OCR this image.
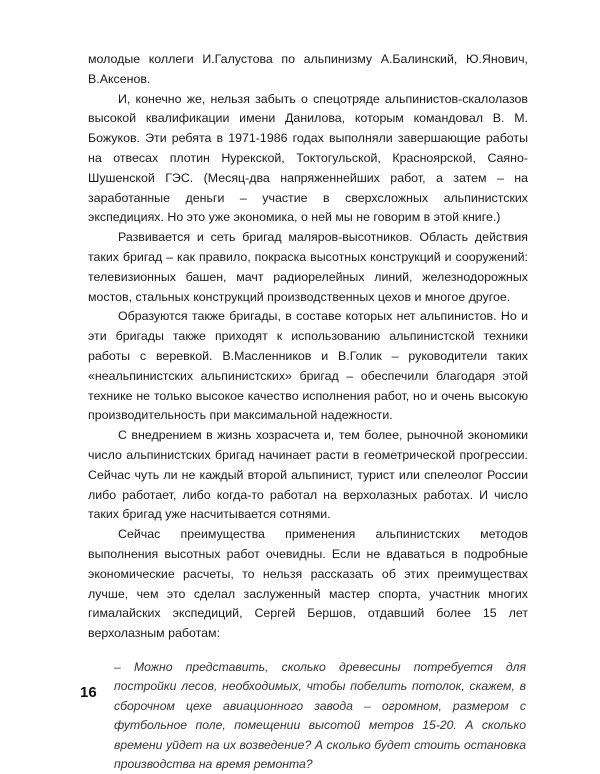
молодые коллеги И.Галустова по альпинизму А.Балинский, Ю.Янович, В.Аксенов.

И, конечно же, нельзя забыть о спецотряде альпинистов-скалолазов высокой квалификации имени Данилова, которым командовал В. М. Божуков. Эти ребята в 1971-1986 годах выполняли завершающие работы на отвесах плотин Нурекской, Токтогульской, Красноярской, Саяно-Шушенской ГЭС. (Месяц-два напряженнейших работ, а затем – на заработанные деньги – участие в сверхсложных альпинистских экспедициях. Но это уже экономика, о ней мы не говорим в этой книге.)

Развивается и сеть бригад маляров-высотников. Область действия таких бригад – как правило, покраска высотных конструкций и сооружений: телевизионных башен, мачт радиорелейных линий, железнодорожных мостов, стальных конструкций производственных цехов и многое другое.

Образуются также бригады, в составе которых нет альпинистов. Но и эти бригады также приходят к использованию альпинистской техники работы с веревкой. В.Масленников и В.Голик – руководители таких «неальпинистских альпинистских» бригад – обеспечили благодаря этой технике не только высокое качество исполнения работ, но и очень высокую производительность при максимальной надежности.

С внедрением в жизнь хозрасчета и, тем более, рыночной экономики число альпинистских бригад начинает расти в геометрической прогрессии. Сейчас чуть ли не каждый второй альпинист, турист или спелеолог России либо работает, либо когда-то работал на верхолазных работах. И число таких бригад уже насчитывается сотнями.

Сейчас преимущества применения альпинистских методов выполнения высотных работ очевидны. Если не вдаваться в подробные экономические расчеты, то нельзя рассказать об этих преимуществах лучше, чем это сделал заслуженный мастер спорта, участник многих гималайских экспедиций, Сергей Бершов, отдавший более 15 лет верхолазным работам:

– Можно представить, сколько древесины потребуется для постройки лесов, необходимых, чтобы побелить потолок, скажем, в сборочном цехе авиационного завода – огромном, размером с футбольное поле, помещении высотой метров 15-20. А сколько времени уйдет на их возведение? А сколько будет стоить остановка производства на время ремонта?

16
